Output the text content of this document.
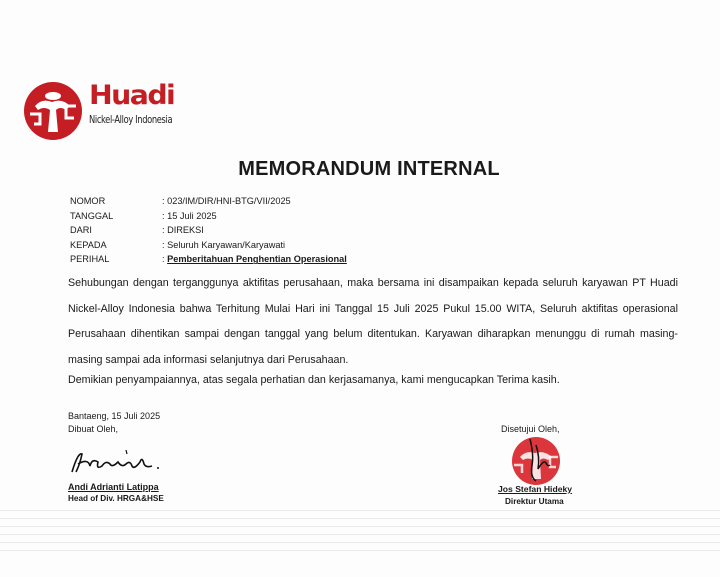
Huadi
Nickel-Alloy Indonesia
MEMORANDUM INTERNAL
NOMOR	: 023/IM/DIR/HNI-BTG/VII/2025
TANGGAL	: 15 Juli 2025
DARI	: DIREKSI
KEPADA	: Seluruh Karyawan/Karyawati
PERIHAL	: Pemberitahuan Penghentian Operasional
Sehubungan dengan terganggunya aktifitas perusahaan, maka bersama ini disampaikan kepada seluruh karyawan PT Huadi Nickel-Alloy Indonesia bahwa Terhitung Mulai Hari ini Tanggal 15 Juli 2025 Pukul 15.00 WITA, Seluruh aktifitas operasional Perusahaan dihentikan sampai dengan tanggal yang belum ditentukan. Karyawan diharapkan menunggu di rumah masing-masing sampai ada informasi selanjutnya dari Perusahaan.
Demikian penyampaiannya, atas segala perhatian dan kerjasamanya, kami mengucapkan Terima kasih.
Bantaeng, 15 Juli 2025
Dibuat Oleh,
Andi Adrianti Latippa
Head of Div. HRGA&HSE
Disetujui Oleh,
Jos Stefan Hideky
Direktur Utama
